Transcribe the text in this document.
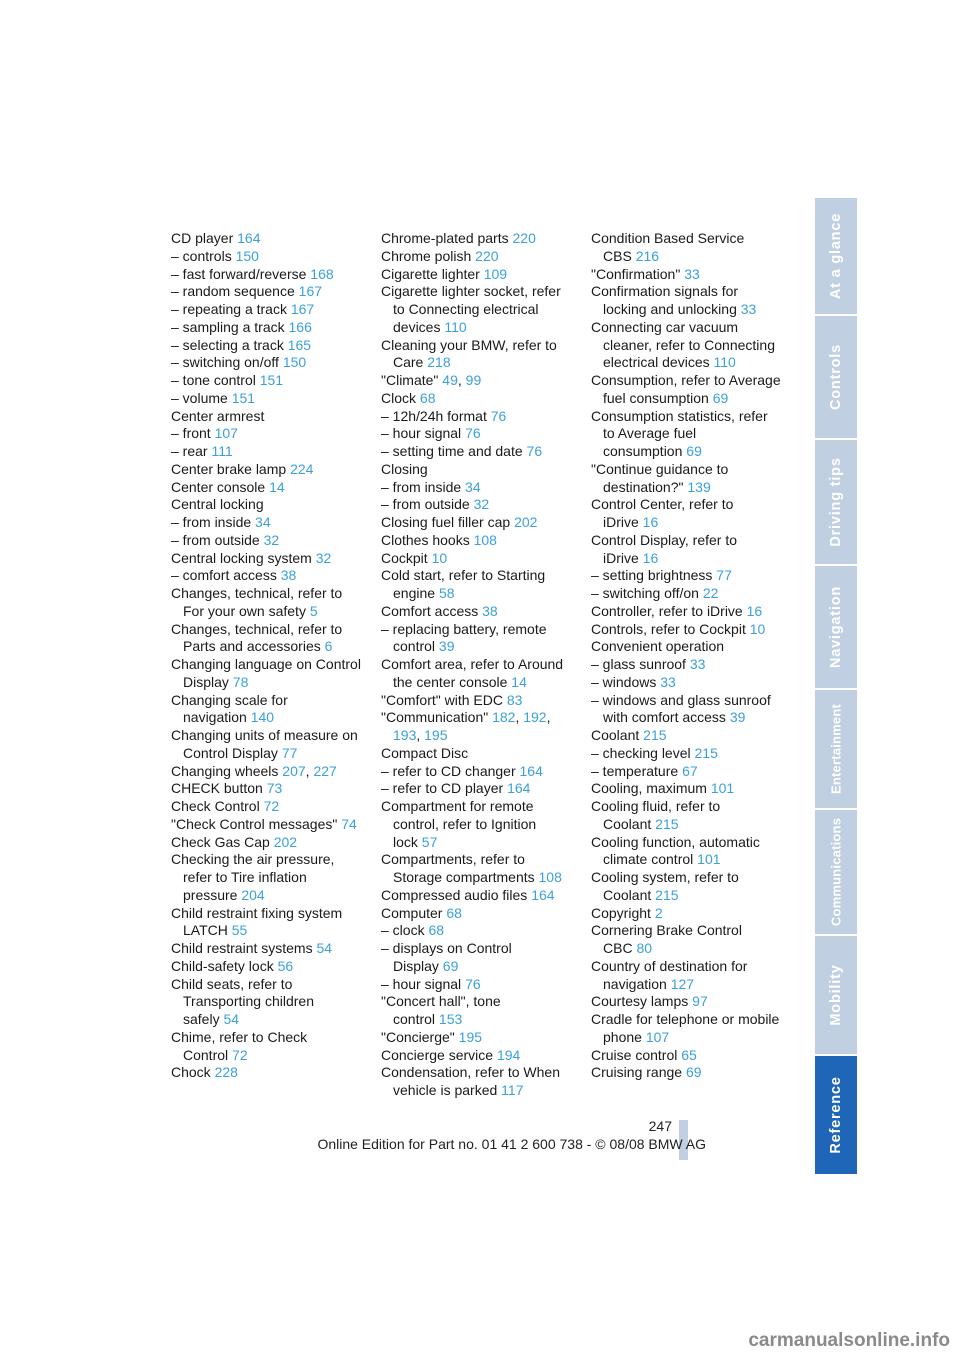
CD player 164

– controls 150

– fast forward/reverse 168

– random sequence 167

– repeating a track 167

– sampling a track 166

– selecting a track 165

– switching on/off 150

– tone control 151

– volume 151

Center armrest

– front 107

– rear 111

Center brake lamp 224

Center console 14

Central locking

– from inside 34

– from outside 32

Central locking system 32

– comfort access 38

Changes, technical, refer to For your own safety 5

Changes, technical, refer to Parts and accessories 6

Changing language on Control Display 78

Changing scale for navigation 140

Changing units of measure on Control Display 77

Changing wheels 207, 227

CHECK button 73

Check Control 72

"Check Control messages" 74

Check Gas Cap 202

Checking the air pressure, refer to Tire inflation pressure 204

Child restraint fixing system LATCH 55

Child restraint systems 54

Child-safety lock 56

Child seats, refer to Transporting children safely 54

Chime, refer to Check Control 72

Chock 228

Chrome-plated parts 220

Chrome polish 220

Cigarette lighter 109

Cigarette lighter socket, refer to Connecting electrical devices 110

Cleaning your BMW, refer to Care 218

"Climate" 49, 99

Clock 68

– 12h/24h format 76

– hour signal 76

– setting time and date 76

Closing

– from inside 34

– from outside 32

Closing fuel filler cap 202

Clothes hooks 108

Cockpit 10

Cold start, refer to Starting engine 58

Comfort access 38

– replacing battery, remote control 39

Comfort area, refer to Around the center console 14

"Comfort" with EDC 83

"Communication" 182, 192, 193, 195

Compact Disc

– refer to CD changer 164

– refer to CD player 164

Compartment for remote control, refer to Ignition lock 57

Compartments, refer to Storage compartments 108

Compressed audio files 164

Computer 68

– clock 68

– displays on Control Display 69

– hour signal 76

"Concert hall", tone control 153

"Concierge" 195

Concierge service 194

Condensation, refer to When vehicle is parked 117

Condition Based Service CBS 216

"Confirmation" 33

Confirmation signals for locking and unlocking 33

Connecting car vacuum cleaner, refer to Connecting electrical devices 110

Consumption, refer to Average fuel consumption 69

Consumption statistics, refer to Average fuel consumption 69

"Continue guidance to destination?" 139

Control Center, refer to iDrive 16

Control Display, refer to iDrive 16

– setting brightness 77

– switching off/on 22

Controller, refer to iDrive 16

Controls, refer to Cockpit 10

Convenient operation

– glass sunroof 33

– windows 33

– windows and glass sunroof with comfort access 39

Coolant 215

– checking level 215

– temperature 67

Cooling, maximum 101

Cooling fluid, refer to Coolant 215

Cooling function, automatic climate control 101

Cooling system, refer to Coolant 215

Copyright 2

Cornering Brake Control CBC 80

Country of destination for navigation 127

Courtesy lamps 97

Cradle for telephone or mobile phone 107

Cruise control 65

Cruising range 69

At a glance
Controls
Driving tips
Navigation
Entertainment
Communications
Mobility
Reference
247
Online Edition for Part no. 01 41 2 600 738 - © 08/08 BMW AG
carmanualsonline.info
